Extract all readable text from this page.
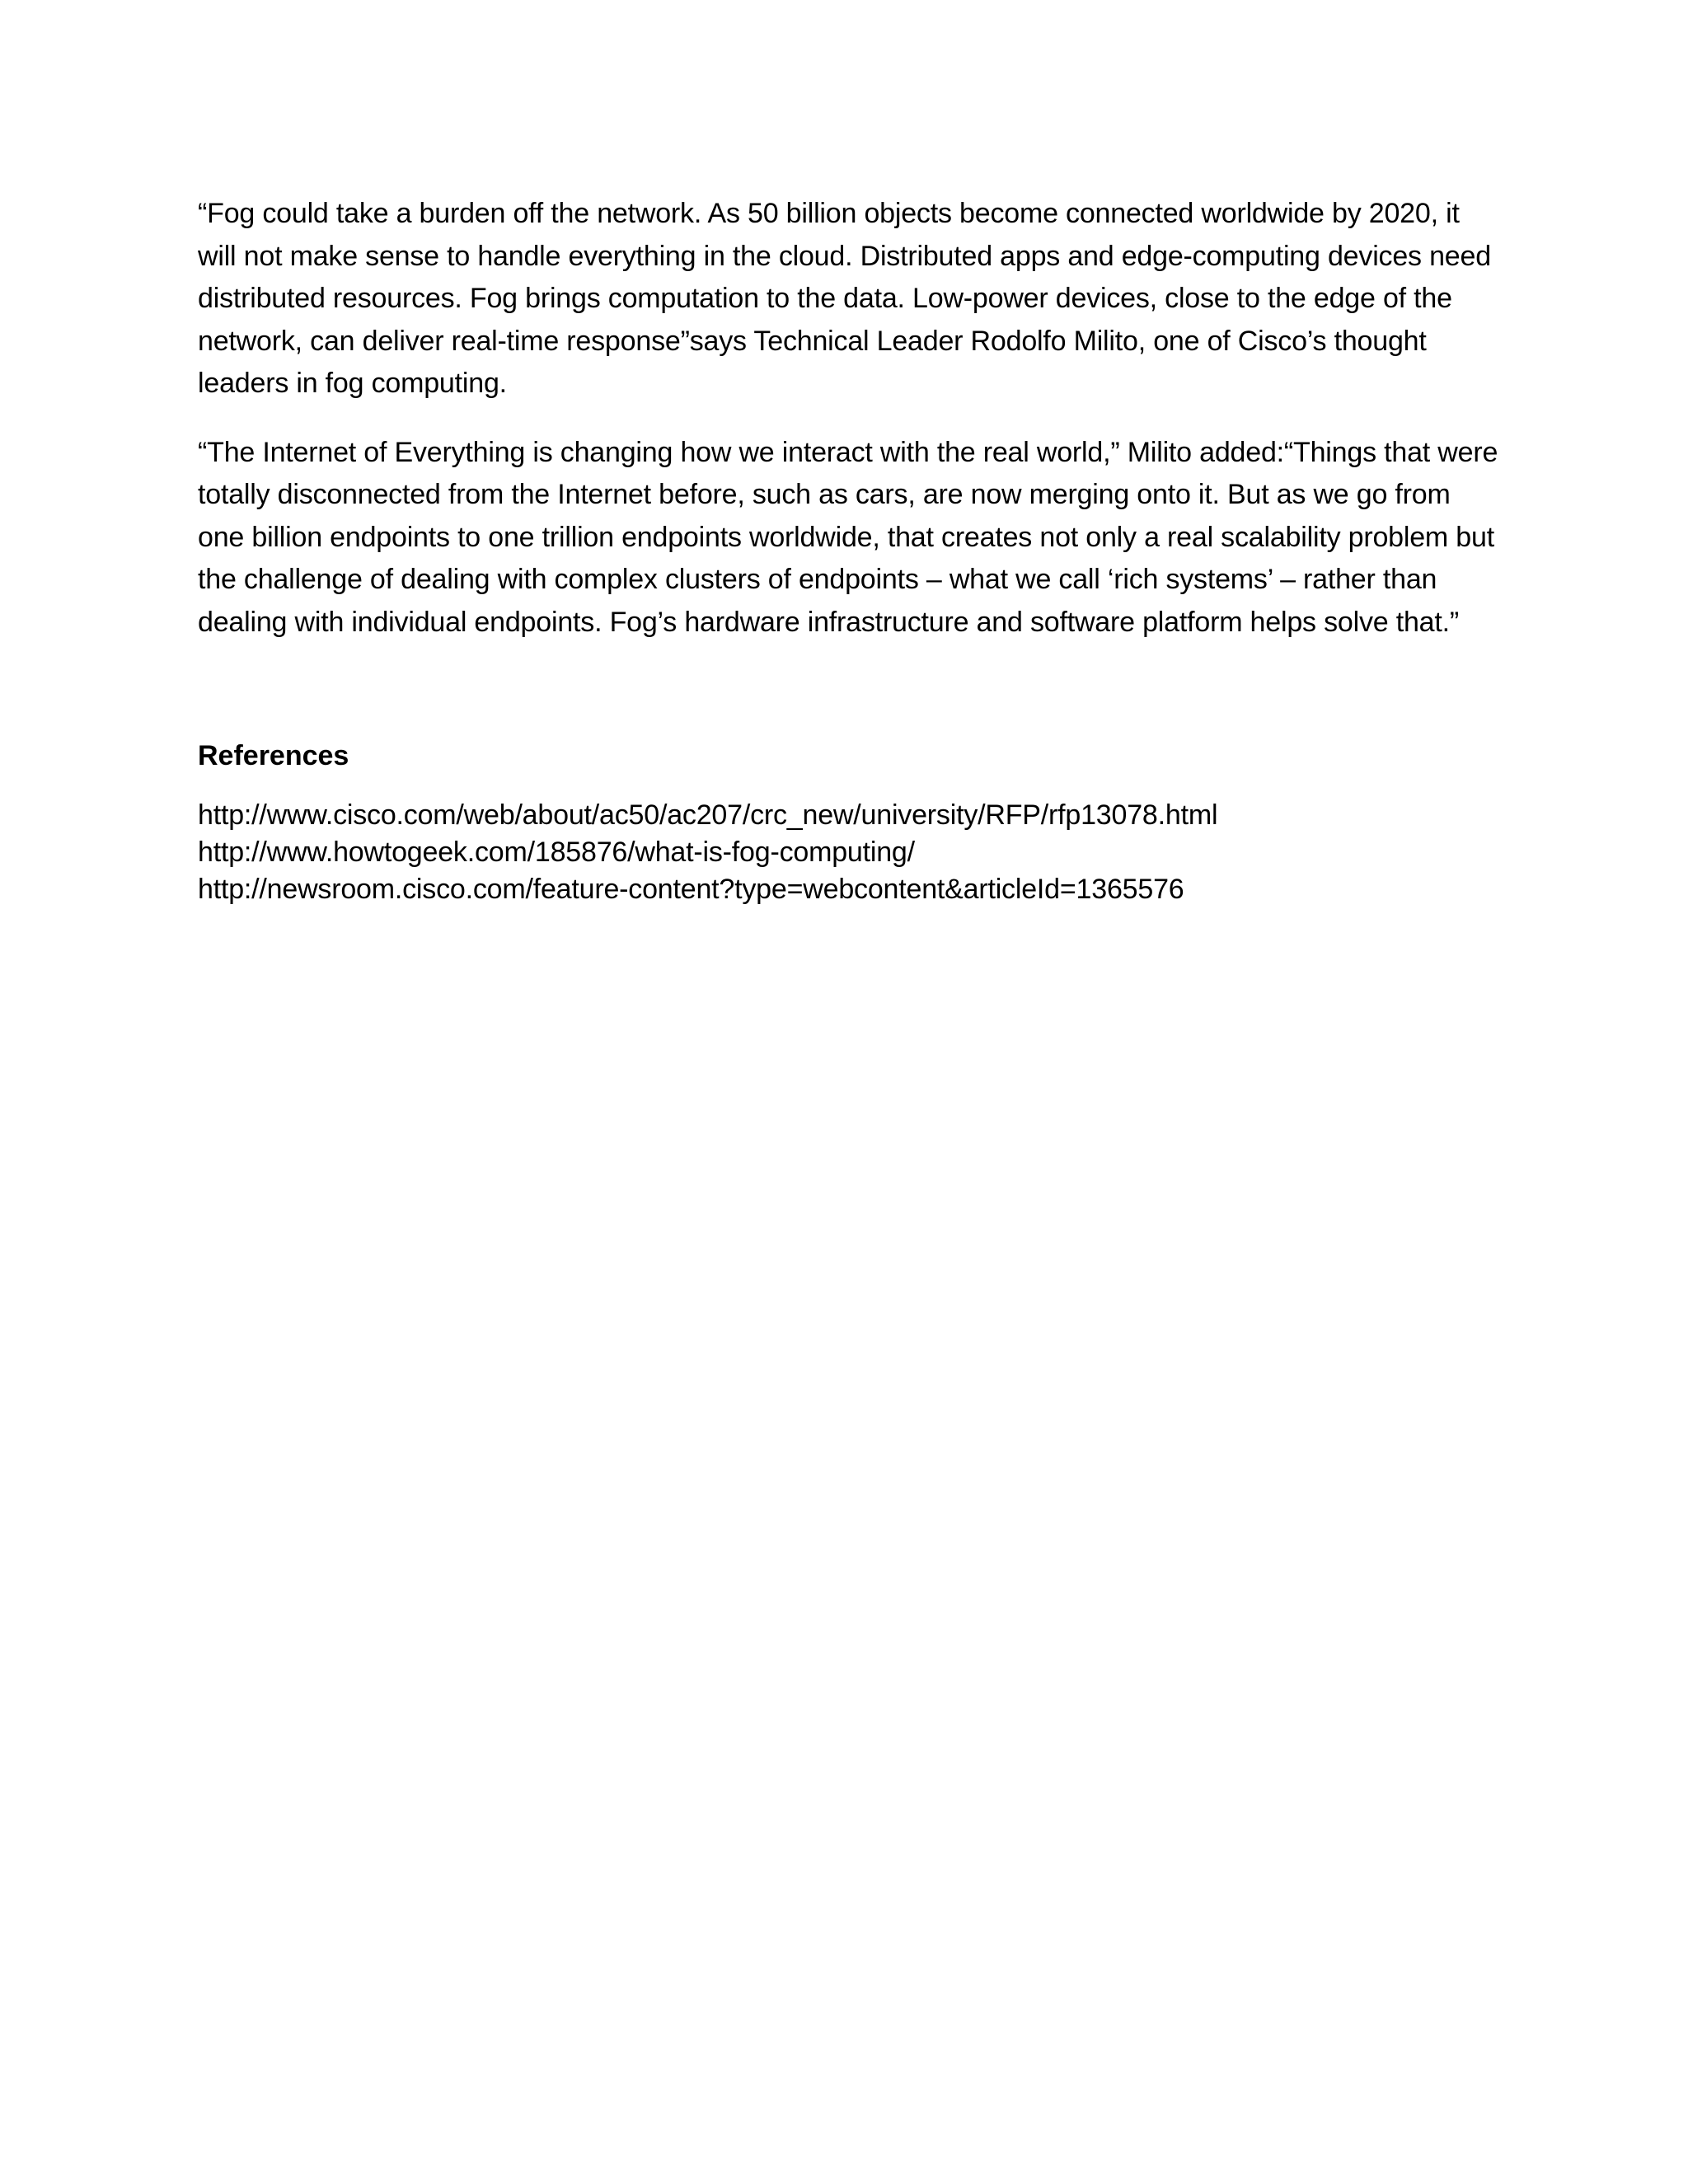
“Fog could take a burden off the network. As 50 billion objects become connected worldwide by 2020, it will not make sense to handle everything in the cloud. Distributed apps and edge-computing devices need distributed resources. Fog brings computation to the data. Low-power devices, close to the edge of the network, can deliver real-time response”says Technical Leader Rodolfo Milito, one of Cisco’s thought leaders in fog computing.

“The Internet of Everything is changing how we interact with the real world,” Milito added:“Things that were totally disconnected from the Internet before, such as cars, are now merging onto it. But as we go from one billion endpoints to one trillion endpoints worldwide, that creates not only a real scalability problem but the challenge of dealing with complex clusters of endpoints – what we call ‘rich systems’ – rather than dealing with individual endpoints. Fog’s hardware infrastructure and software platform helps solve that.”

References
http://www.cisco.com/web/about/ac50/ac207/crc_new/university/RFP/rfp13078.html
http://www.howtogeek.com/185876/what-is-fog-computing/
http://newsroom.cisco.com/feature-content?type=webcontent&articleId=1365576
